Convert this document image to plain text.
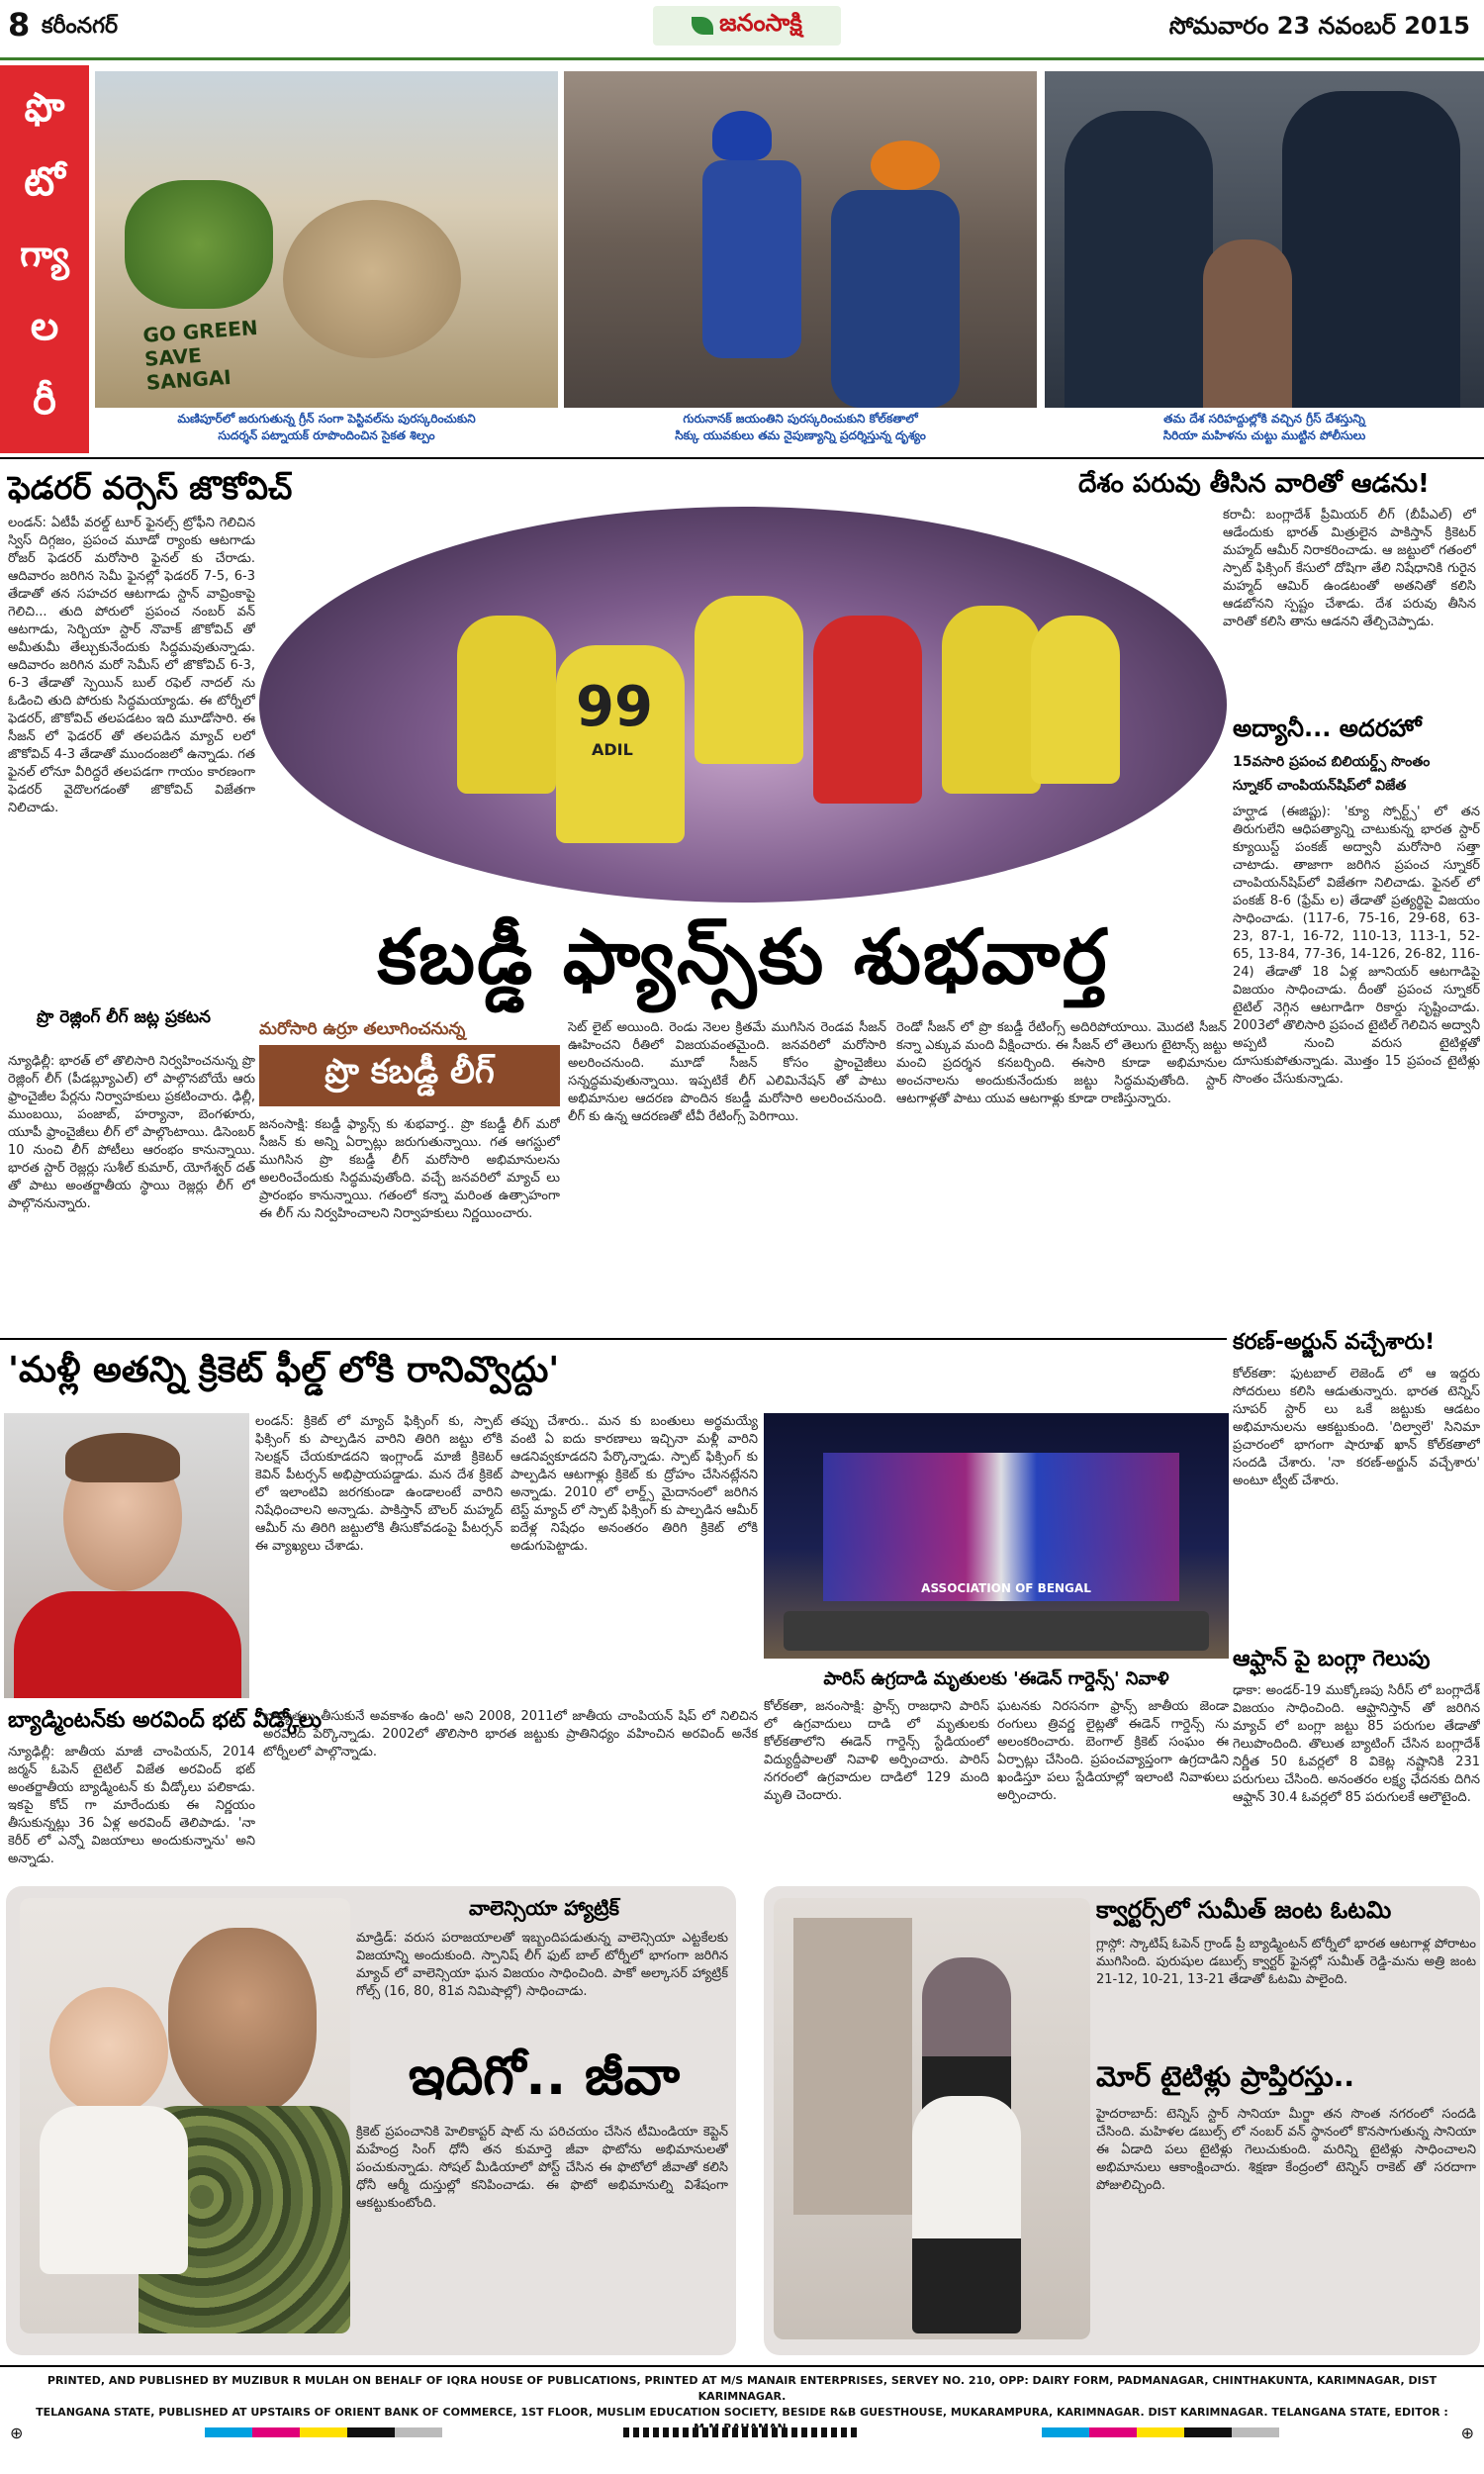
8 కరీంనగర్	జనంసాక్షి	సోమవారం 23 నవంబర్ 2015
ఫొ
టో
గ్యా
ల
రీ
GO GREEN SAVE SANGAI
మణిపూర్‌లో జరుగుతున్న గ్రీన్ సంగా పెస్టివల్‌ను పురస్కరించుకుని
సుదర్శన్ పట్నాయక్ రూపొందించిన సైకత శిల్పం
గురునానక్ జయంతిని పురస్కరించుకుని కోల్‌కతాలో
సిక్కు యువకులు తమ నైపుణ్యాన్ని ప్రదర్శిస్తున్న దృశ్యం
తమ దేశ సరిహద్దుల్లోకి వచ్చిన గ్రీస్ దేశస్తున్ని
సిరియా మహిళను చుట్టు ముట్టిన పోలీసులు
ఫెడరర్ వర్సెస్ జొకోవిచ్
లండన్: ఏటీపీ వరల్డ్ టూర్ ఫైనల్స్ ట్రోఫీని గెలిచిన స్విస్ దిగ్గజం, ప్రపంచ మూడో ర్యాంకు ఆటగాడు రోజర్ ఫెడరర్ మరోసారి ఫైనల్ కు చేరాడు. ఆదివారం జరిగిన సెమీ ఫైనల్లో ఫెడరర్ 7-5, 6-3 తేడాతో తన సహచర ఆటగాడు స్టాన్ వావ్రింకాపై గెలిచి... తుది పోరులో ప్రపంచ నంబర్ వన్ ఆటగాడు, సెర్బియా స్టార్ నొవాక్ జొకోవిచ్ తో అమీతుమీ తేల్చుకునేందుకు సిద్ధమవుతున్నాడు. ఆదివారం జరిగిన మరో సెమీస్ లో జొకోవిచ్ 6-3, 6-3 తేడాతో స్పెయిన్ బుల్ రఫెల్ నాదల్ ను ఓడించి తుది పోరుకు సిద్ధమయ్యాడు. ఈ టోర్నీలో ఫెడరర్, జొకోవిచ్ తలపడటం ఇది మూడోసారి. ఈ సీజన్ లో ఫెడరర్ తో తలపడిన మ్యాచ్ లలో జొకోవిచ్ 4-3 తేడాతో ముందంజలో ఉన్నాడు. గత ఫైనల్ లోనూ వీరిద్దరే తలపడగా గాయం కారణంగా ఫెడరర్ వైదొలగడంతో జొకోవిచ్ విజేతగా నిలిచాడు.
ప్రొ రెజ్లింగ్ లీగ్ జట్ల ప్రకటన
న్యూఢిల్లీ: భారత్ లో తొలిసారి నిర్వహించనున్న ప్రొ రెజ్లింగ్ లీగ్ (పీడబ్ల్యూఎల్) లో పాల్గొనబోయే ఆరు ఫ్రాంచైజీల పేర్లను నిర్వాహకులు ప్రకటించారు. ఢిల్లీ, ముంబయి, పంజాబ్, హర్యానా, బెంగళూరు, యూపీ ఫ్రాంచైజీలు లీగ్ లో పాల్గొంటాయి. డిసెంబర్ 10 నుంచి లీగ్ పోటీలు ఆరంభం కానున్నాయి. భారత స్టార్ రెజ్లర్లు సుశీల్ కుమార్, యోగేశ్వర్ దత్ తో పాటు అంతర్జాతీయ స్థాయి రెజ్లర్లు లీగ్ లో పాల్గొననున్నారు.
99
ADIL
కబడ్డీ ఫ్యాన్స్‌కు శుభవార్త
మరోసారి ఉర్రూ తలూగించనున్న
ప్రొ కబడ్డీ లీగ్
జనంసాక్షి: కబడ్డీ ఫ్యాన్స్ కు శుభవార్త.. ప్రొ కబడ్డీ లీగ్ మరో సీజన్ కు అన్ని ఏర్పాట్లు జరుగుతున్నాయి. గత ఆగస్టులో ముగిసిన ప్రొ కబడ్డీ లీగ్ మరోసారి అభిమానులను అలరించేందుకు సిద్ధమవుతోంది. వచ్చే జనవరిలో మ్యాచ్ లు ప్రారంభం కానున్నాయి. గతంలో కన్నా మరింత ఉత్సాహంగా ఈ లీగ్ ను నిర్వహించాలని నిర్వాహకులు నిర్ణయించారు.
సెట్ లైట్ అయింది. రెండు నెలల క్రితమే ముగిసిన రెండవ సీజన్ ఊహించని రీతిలో విజయవంతమైంది. జనవరిలో మరోసారి అలరించనుంది. మూడో సీజన్ కోసం ఫ్రాంచైజీలు సన్నద్ధమవుతున్నాయి. ఇప్పటికే లీగ్ ఎలిమినేషన్ తో పాటు అభిమానుల ఆదరణ పొందిన కబడ్డీ మరోసారి అలరించనుంది. లీగ్ కు ఉన్న ఆదరణతో టీవీ రేటింగ్స్ పెరిగాయి.
రెండో సీజన్ లో ప్రొ కబడ్డీ రేటింగ్స్ అదిరిపోయాయి. మొదటి సీజన్ కన్నా ఎక్కువ మంది వీక్షించారు. ఈ సీజన్ లో తెలుగు టైటాన్స్ జట్టు మంచి ప్రదర్శన కనబర్చింది. ఈసారి కూడా అభిమానుల అంచనాలను అందుకునేందుకు జట్టు సిద్ధమవుతోంది. స్టార్ ఆటగాళ్లతో పాటు యువ ఆటగాళ్లు కూడా రాణిస్తున్నారు.
దేశం పరువు తీసిన వారితో ఆడను!
కరాచీ: బంగ్లాదేశ్ ప్రీమియర్ లీగ్ (బీపీఎల్) లో ఆడేందుకు భారత్ మిత్రులైన పాకిస్తాన్ క్రికెటర్ మహ్మద్ ఆమీర్ నిరాకరించాడు. ఆ జట్టులో గతంలో స్పాట్ ఫిక్సింగ్ కేసులో దోషిగా తేలి నిషేధానికి గురైన మహ్మద్ ఆమిర్ ఉండటంతో అతనితో కలిసి ఆడబోనని స్పష్టం చేశాడు. దేశ పరువు తీసిన వారితో కలిసి తాను ఆడనని తేల్చిచెప్పాడు.
అద్యానీ... అదరహో
15వసారి ప్రపంచ బిలియర్డ్స్ సొంతం
స్నూకర్ చాంపియన్‌షిప్‌లో విజేత
హర్ఘాడ (ఈజిప్టు): 'క్యూ స్పోర్ట్స్' లో తన తిరుగులేని ఆధిపత్యాన్ని చాటుకున్న భారత స్టార్ క్యూయిస్ట్ పంకజ్ అద్వానీ మరోసారి సత్తా చాటాడు. తాజాగా జరిగిన ప్రపంచ స్నూకర్ చాంపియన్‌షిప్‌లో విజేతగా నిలిచాడు. ఫైనల్ లో పంకజ్ 8-6 (ఫ్రేమ్ ల) తేడాతో ప్రత్యర్థిపై విజయం సాధించాడు. (117-6, 75-16, 29-68, 63-23, 87-1, 16-72, 110-13, 113-1, 52-65, 13-84, 77-36, 14-126, 26-82, 116-24) తేడాతో 18 ఏళ్ల జూనియర్ ఆటగాడిపై విజయం సాధించాడు. దీంతో ప్రపంచ స్నూకర్ టైటిల్ నెగ్గిన ఆటగాడిగా రికార్డు సృష్టించాడు. 2003లో తొలిసారి ప్రపంచ టైటిల్ గెలిచిన అద్వానీ అప్పటి నుంచి వరుస టైటిళ్లతో దూసుకుపోతున్నాడు. మొత్తం 15 ప్రపంచ టైటిళ్లు సొంతం చేసుకున్నాడు.
కరణ్-అర్జున్ వచ్చేశారు!
కోల్‌కతా: ఫుటబాల్ లెజెండ్ లో ఆ ఇద్దరు సోదరులు కలిసి ఆడుతున్నారు. భారత టెన్నిస్ సూపర్ స్టార్ లు ఒకే జట్టుకు ఆడటం అభిమానులను ఆకట్టుకుంది. 'దిల్వాలే' సినిమా ప్రచారంలో భాగంగా షారూఖ్ ఖాన్ కోల్‌కతాలో సందడి చేశారు. 'నా కరణ్-అర్జున్ వచ్చేశారు' అంటూ ట్వీట్ చేశారు.
ఆఫ్ఘాన్ పై బంగ్లా గెలుపు
ఢాకా: అండర్-19 ముక్కోణపు సిరీస్ లో బంగ్లాదేశ్ విజయం సాధించింది. ఆఫ్ఘానిస్తాన్ తో జరిగిన మ్యాచ్ లో బంగ్లా జట్టు 85 పరుగుల తేడాతో గెలుపొందింది. తొలుత బ్యాటింగ్ చేసిన బంగ్లాదేశ్ నిర్ణీత 50 ఓవర్లలో 8 వికెట్ల నష్టానికి 231 పరుగులు చేసింది. అనంతరం లక్ష్య ఛేదనకు దిగిన ఆఫ్ఘాన్ 30.4 ఓవర్లలో 85 పరుగులకే ఆలౌటైంది.
'మళ్లీ అతన్ని క్రికెట్ ఫీల్డ్ లోకి రానివ్వొద్దు'
లండన్: క్రికెట్ లో మ్యాచ్ ఫిక్సింగ్ కు, స్పాట్ ఫిక్సింగ్ కు పాల్పడిన వారిని తిరిగి జట్టు లోకి సెలక్షన్ చేయకూడదని ఇంగ్లాండ్ మాజీ క్రికెటర్ కెవిన్ పీటర్సన్ అభిప్రాయపడ్డాడు. మన దేశ క్రికెట్ లో ఇలాంటివి జరగకుండా ఉండాలంటే వారిని నిషేధించాలని అన్నాడు. పాకిస్తాన్ బౌలర్ మహ్మద్ ఆమీర్ ను తిరిగి జట్టులోకి తీసుకోవడంపై పీటర్సన్ ఈ వ్యాఖ్యలు చేశాడు.
తప్పు చేశారు.. మన కు బంతులు అర్థమయ్యే వంటి ఏ ఐదు కారణాలు ఇచ్చినా మళ్లీ వారిని ఆడనివ్వకూడదని పేర్కొన్నాడు. స్పాట్ ఫిక్సింగ్ కు పాల్పడిన ఆటగాళ్లు క్రికెట్ కు ద్రోహం చేసినట్లేనని అన్నాడు. 2010 లో లార్డ్స్ మైదానంలో జరిగిన టెస్ట్ మ్యాచ్ లో స్పాట్ ఫిక్సింగ్ కు పాల్పడిన ఆమీర్ ఐదేళ్ల నిషేధం అనంతరం తిరిగి క్రికెట్ లోకి అడుగుపెట్టాడు.
బ్యాడ్మింటన్‌కు అరవింద్ భట్ వీడ్కోలు
న్యూఢిల్లీ: జాతీయ మాజీ చాంపియన్, 2014 జర్మన్ ఓపెన్ టైటిల్ విజేత అరవింద్ భట్ అంతర్జాతీయ బ్యాడ్మింటన్ కు వీడ్కోలు పలికాడు. ఇకపై కోచ్ గా మారేందుకు ఈ నిర్ణయం తీసుకున్నట్లు 36 ఏళ్ల అరవింద్ తెలిపాడు. 'నా కెరీర్ లో ఎన్నో విజయాలు అందుకున్నాను' అని అన్నాడు.
బాధ్యతలు తీసుకునే అవకాశం ఉంది' అని 2008, 2011లో జాతీయ చాంపియన్ షిప్ లో నిలిచిన అరవింద్ పేర్కొన్నాడు. 2002లో తొలిసారి భారత జట్టుకు ప్రాతినిధ్యం వహించిన అరవింద్ అనేక టోర్నీలలో పాల్గొన్నాడు.
ASSOCIATION OF BENGAL
పారిస్ ఉగ్రదాడి మృతులకు 'ఈడెన్ గార్డెన్స్' నివాళి
కోల్‌కతా, జనంసాక్షి: ఫ్రాన్స్ రాజధాని పారిస్ లో ఉగ్రవాదులు దాడి లో మృతులకు కోల్‌కతాలోని ఈడెన్ గార్డెన్స్ స్టేడియంలో విద్యుద్దీపాలతో నివాళి అర్పించారు. పారిస్ నగరంలో ఉగ్రవాదుల దాడిలో 129 మంది మృతి చెందారు.
ఘటనకు నిరసనగా ఫ్రాన్స్ జాతీయ జెండా రంగులు త్రివర్ణ లైట్లతో ఈడెన్ గార్డెన్స్ ను అలంకరించారు. బెంగాల్ క్రికెట్ సంఘం ఈ ఏర్పాట్లు చేసింది. ప్రపంచవ్యాప్తంగా ఉగ్రదాడిని ఖండిస్తూ పలు స్టేడియాల్లో ఇలాంటి నివాళులు అర్పించారు.
వాలెన్సియా హ్యాట్రిక్
మాడ్రిడ్: వరుస పరాజయాలతో ఇబ్బందిపడుతున్న వాలెన్సియా ఎట్టకేలకు విజయాన్ని అందుకుంది. స్పానిష్ లీగ్ ఫుట్ బాల్ టోర్నీలో భాగంగా జరిగిన మ్యాచ్ లో వాలెన్సియా ఘన విజయం సాధించింది. పాకో అల్కాసర్ హ్యాట్రిక్ గోల్స్ (16, 80, 81వ నిమిషాల్లో) సాధించాడు.
ఇదిగో.. జీవా
క్రికెట్ ప్రపంచానికి హెలికాప్టర్ షాట్ ను పరిచయం చేసిన టీమిండియా కెప్టెన్ మహేంద్ర సింగ్ ధోనీ తన కుమార్తె జీవా ఫొటోను అభిమానులతో పంచుకున్నాడు. సోషల్ మీడియాలో పోస్ట్ చేసిన ఈ ఫొటోలో జీవాతో కలిసి ధోనీ ఆర్మీ దుస్తుల్లో కనిపించాడు. ఈ ఫొటో అభిమానుల్ని విశేషంగా ఆకట్టుకుంటోంది.
క్వార్టర్స్‌లో సుమీత్ జంట ఓటమి
గ్లాస్గో: స్కాటిష్ ఓపెన్ గ్రాండ్ ప్రీ బ్యాడ్మింటన్ టోర్నీలో భారత ఆటగాళ్ల పోరాటం ముగిసింది. పురుషుల డబుల్స్ క్వార్టర్ ఫైనల్లో సుమీత్ రెడ్డి-మను అత్రి జంట 21-12, 10-21, 13-21 తేడాతో ఓటమి పాలైంది.
మోర్ టైటిళ్లు ప్రాప్తిరస్తు..
హైదరాబాద్: టెన్నిస్ స్టార్ సానియా మీర్జా తన సొంత నగరంలో సందడి చేసింది. మహిళల డబుల్స్ లో నంబర్ వన్ స్థానంలో కొనసాగుతున్న సానియా ఈ ఏడాది పలు టైటిళ్లు గెలుచుకుంది. మరిన్ని టైటిళ్లు సాధించాలని అభిమానులు ఆకాంక్షించారు. శిక్షణా కేంద్రంలో టెన్నిస్ రాకెట్ తో సరదాగా పోజులిచ్చింది.
PRINTED, AND PUBLISHED BY MUZIBUR R MULAH ON BEHALF OF IQRA HOUSE OF PUBLICATIONS, PRINTED AT M/S MANAIR ENTERPRISES, SERVEY NO. 210, OPP: DAIRY FORM, PADMANAGAR, CHINTHAKUNTA, KARIMNAGAR, DIST KARIMNAGAR.
TELANGANA STATE, PUBLISHED AT UPSTAIRS OF ORIENT BANK OF COMMERCE, 1ST FLOOR, MUSLIM EDUCATION SOCIETY, BESIDE R&B GUESTHOUSE, MUKARAMPURA, KARIMNAGAR. DIST KARIMNAGAR. TELANGANA STATE, EDITOR :
⊕	⊕
